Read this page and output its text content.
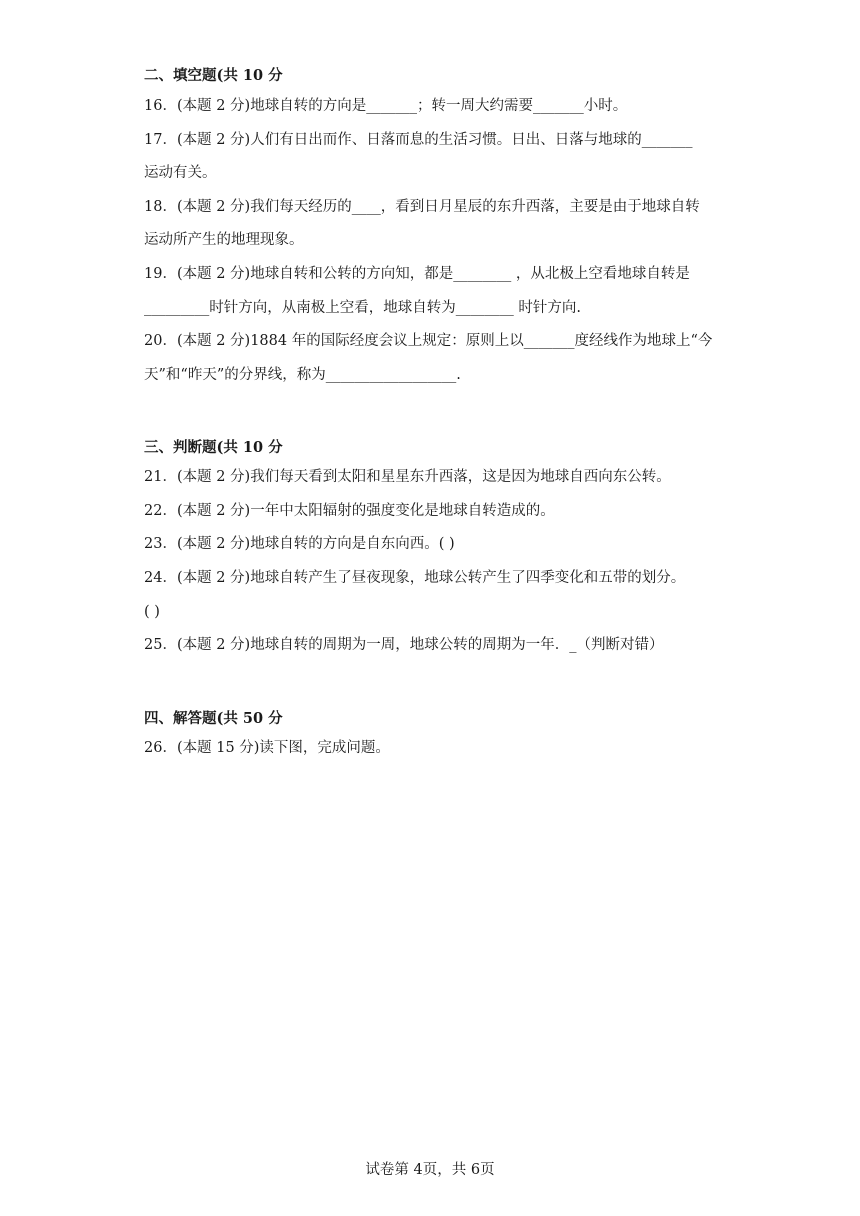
二、填空题(共 10 分
16．(本题 2 分)地球自转的方向是_______；转一周大约需要_______小时。
17．(本题 2 分)人们有日出而作、日落而息的生活习惯。日出、日落与地球的_______
运动有关。
18．(本题 2 分)我们每天经历的____，看到日月星辰的东升西落，主要是由于地球自转
运动所产生的地理现象。
19．(本题 2 分)地球自转和公转的方向知，都是________ ，从北极上空看地球自转是
_________时针方向，从南极上空看，地球自转为________ 时针方向.
20．(本题 2 分)1884 年的国际经度会议上规定：原则上以_______度经线作为地球上“今
天”和“昨天”的分界线，称为__________________.
三、判断题(共 10 分
21．(本题 2 分)我们每天看到太阳和星星东升西落，这是因为地球自西向东公转。
22．(本题 2 分)一年中太阳辐射的强度变化是地球自转造成的。
23．(本题 2 分)地球自转的方向是自东向西。( )
24．(本题 2 分)地球自转产生了昼夜现象，地球公转产生了四季变化和五带的划分。
( )
25．(本题 2 分)地球自转的周期为一周，地球公转的周期为一年．_（判断对错）
四、解答题(共 50 分
26．(本题 15 分)读下图，完成问题。
试卷第 4页，共 6页
